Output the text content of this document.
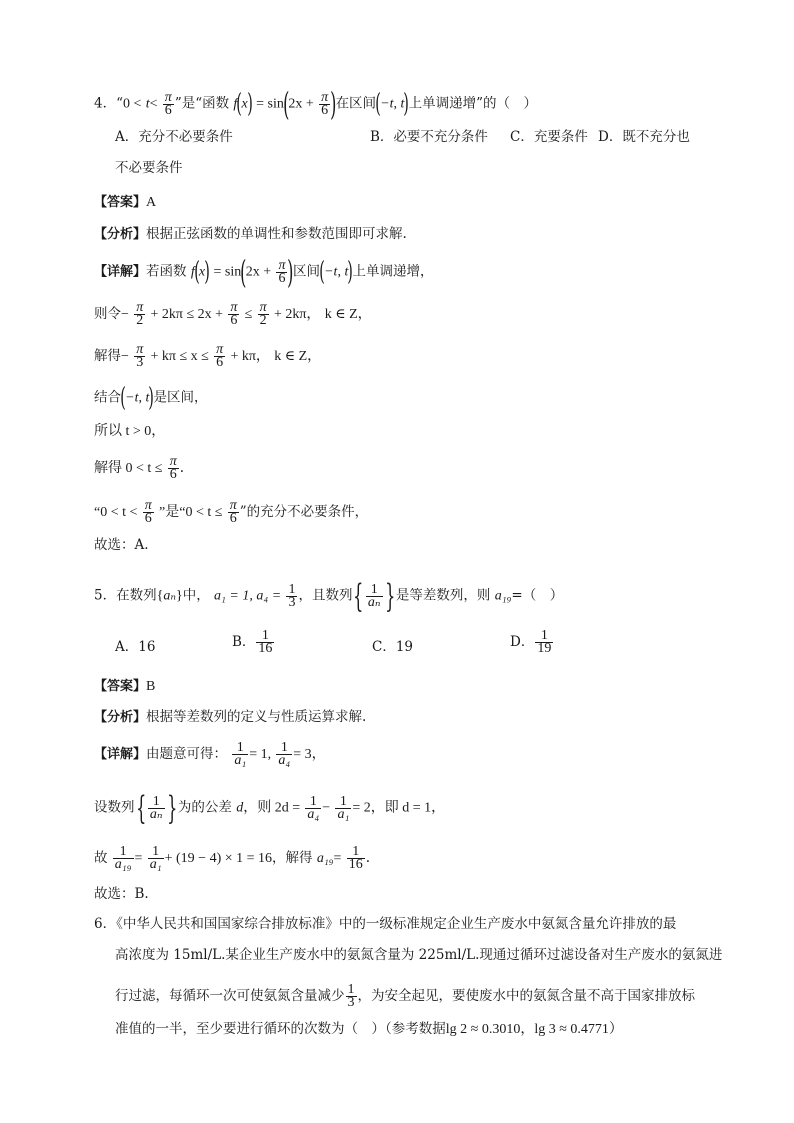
4．“$0 < t< \frac{\pi}{6}$ ”是“函数 $f(x) = \sin(2x + \frac{\pi}{6}$ )在区间(−t, t)上单调递增”的（　）
A．充分不必要条件	B．必要不充分条件 C．充要条件 D．既不充分也
不必要条件
【答案】A
【分析】根据正弦函数的单调性和参数范围即可求解.
【详解】若函数 $f(x) = \sin(2x + \frac{\pi}{6}$ )区间(−t, t)上单调递增，
则令− $\frac{\pi}{2} + 2k\pi \le 2x + \frac{\pi}{6} \le \frac{\pi}{2} + 2k\pi$， k ∈ Z，
解得− $\frac{\pi}{3} + k\pi \le x \le \frac{\pi}{6} + k\pi$， k ∈ Z，
结合(−t, t)是区间，
所以 t > 0，
解得 $0 < t \le \frac{\pi}{6}$ .
“$0 < t < \frac{\pi}{6}$ ”是“$0 < t \le \frac{\pi}{6}$ ”的充分不必要条件，
故选：A.
5．在数列{aₙ}中， a₁ = 1, $a_4 = \frac{1}{3}$ ，且数列{ $\frac{1}{\text{aₙ}}$ }是等差数列，则 a₁₉=（　）
A．16	B． $\frac{1}{16}$	C．19	D． $\frac{1}{19}$
【答案】B
【分析】根据等差数列的定义与性质运算求解.
【详解】由题意可得： $\frac{1}{\text{a₁}} = 1$, $\frac{1}{\text{a₄}} = 3$，
设数列{ $\frac{1}{\text{aₙ}}$ }为的公差 d，则 $2d = \frac{1}{\text{a₄}} - \frac{1}{\text{a₁}} = 2$，即 d = 1，
故 $\frac{1}{\text{a₁₉}} = \frac{1}{\text{a₁}} + (19 - 4) \times 1 = 16$，解得 $a_{19}= \frac{1}{16}$ .
故选：B.
6．《中华人民共和国国家综合排放标准》中的一级标准规定企业生产废水中氨氮含量允许排放的最
高浓度为 15ml/L.某企业生产废水中的氨氮含量为 225ml/L.现通过循环过滤设备对生产废水的氨氮进
行过滤，每循环一次可使氨氮含量减少 $\frac{1}{3}$ ，为安全起见，要使废水中的氨氮含量不高于国家排放标
准值的一半，至少要进行循环的次数为（　）（参考数据lg 2 ≈ 0.3010，lg 3 ≈ 0.4771）
